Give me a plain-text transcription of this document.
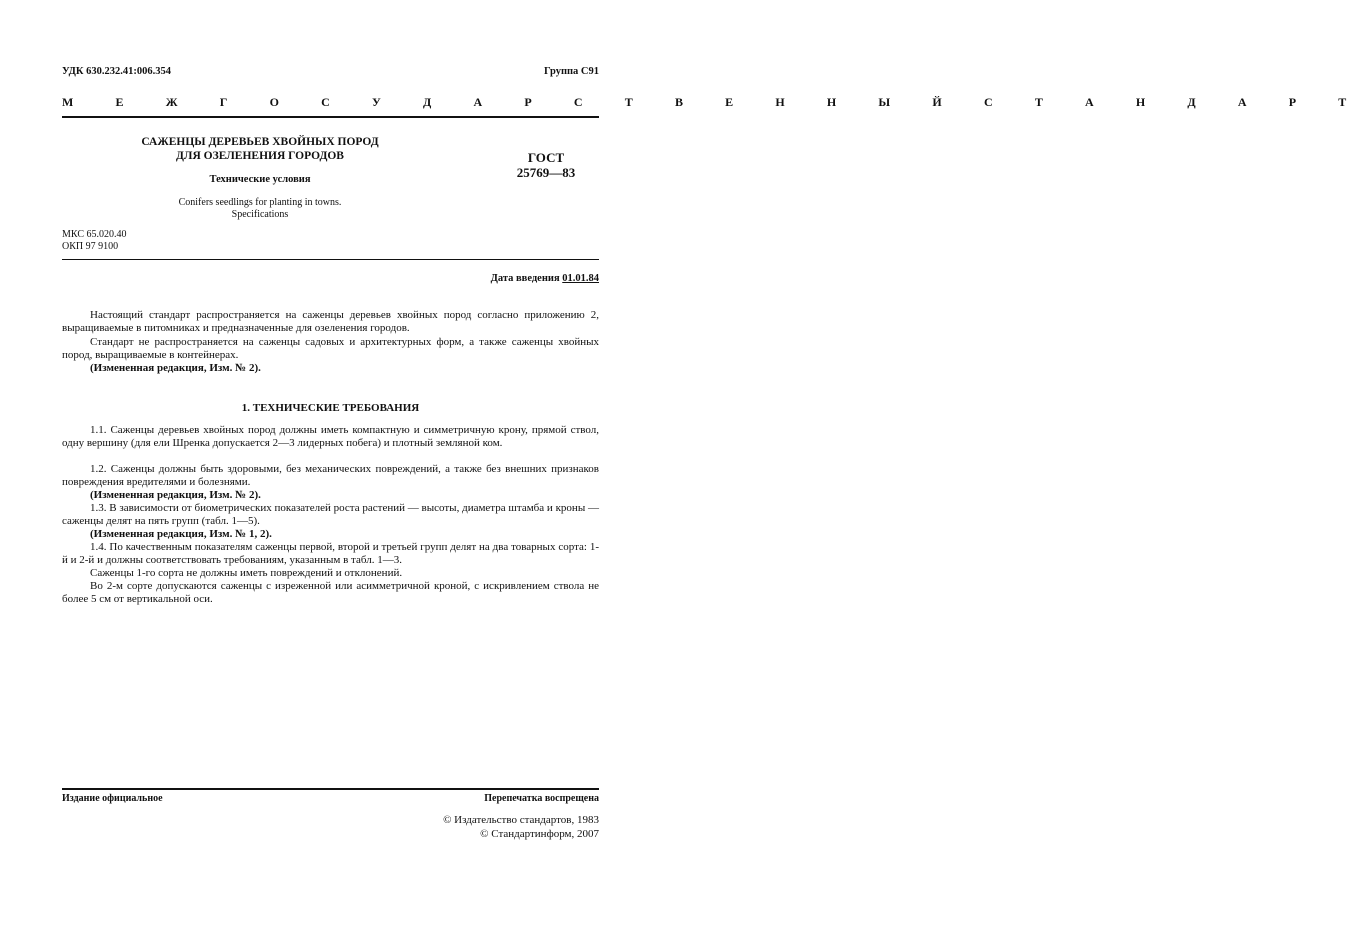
УДК 630.232.41:006.354	Группа С91
М Е Ж Г О С У Д А Р С Т В Е Н Н Ы Й С Т А Н Д А Р Т
САЖЕНЦЫ ДЕРЕВЬЕВ ХВОЙНЫХ ПОРОД
ДЛЯ ОЗЕЛЕНЕНИЯ ГОРОДОВ
Технические условия
Conifers seedlings for planting in towns.
Specifications
ГОСТ
25769—83
МКС 65.020.40
ОКП 97 9100
Дата введения 01.01.84

Настоящий стандарт распространяется на саженцы деревьев хвойных пород согласно приложению 2, выращиваемые в питомниках и предназначенные для озеленения городов.

Стандарт не распространяется на саженцы садовых и архитектурных форм, а также саженцы хвойных пород, выращиваемые в контейнерах.

(Измененная редакция, Изм. № 2).

1. ТЕХНИЧЕСКИЕ ТРЕБОВАНИЯ

1.1. Саженцы деревьев хвойных пород должны иметь компактную и симметричную крону, прямой ствол, одну вершину (для ели Шренка допускается 2—3 лидерных побега) и плотный земляной ком.

1.2. Саженцы должны быть здоровыми, без механических повреждений, а также без внешних признаков повреждения вредителями и болезнями.

(Измененная редакция, Изм. № 2).

1.3. В зависимости от биометрических показателей роста растений — высоты, диаметра штамба и кроны — саженцы делят на пять групп (табл. 1—5).

(Измененная редакция, Изм. № 1, 2).

1.4. По качественным показателям саженцы первой, второй и третьей групп делят на два товарных сорта: 1-й и 2-й и должны соответствовать требованиям, указанным в табл. 1—3.

Саженцы 1-го сорта не должны иметь повреждений и отклонений.

Во 2-м сорте допускаются саженцы с изреженной или асимметричной кроной, с искривлением ствола не более 5 см от вертикальной оси.

Издание официальное	Перепечатка воспрещена
© Издательство стандартов, 1983
© Стандартинформ, 2007
